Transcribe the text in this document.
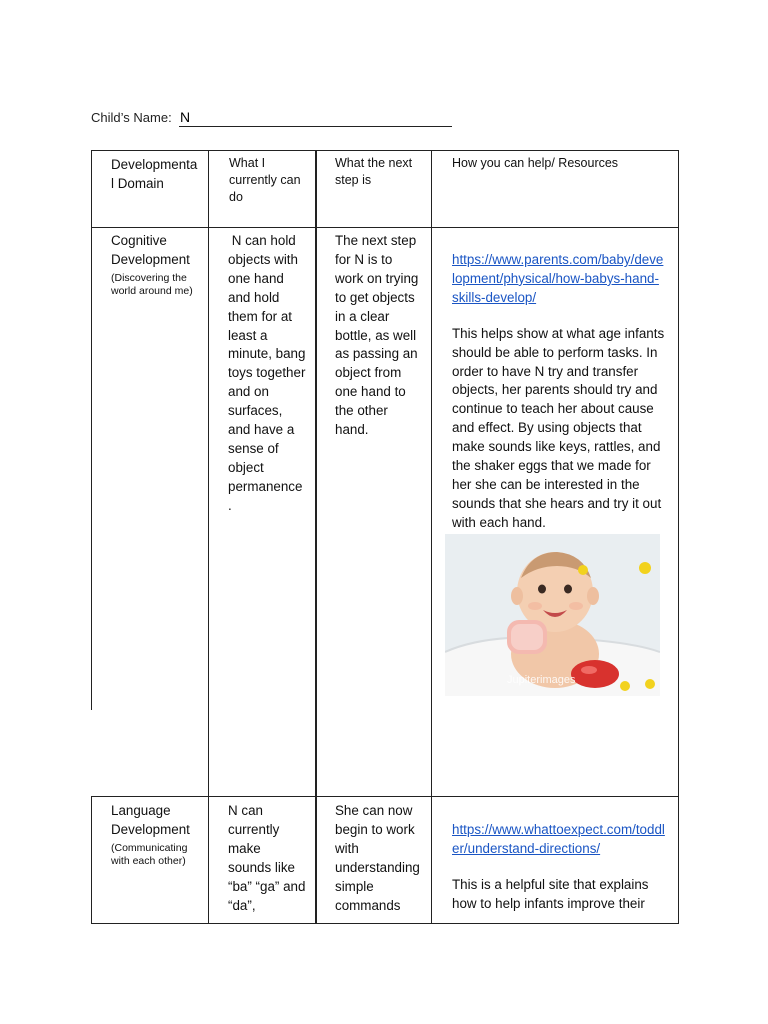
Child’s Name: N
Developmenta
l Domain
What I
currently can
do
What the next
step is
How you can help/ Resources
Cognitive
Development
(Discovering the
world around me)
N can hold
objects with
one hand
and hold
them for at
least a
minute, bang
toys together
and on
surfaces,
and have a
sense of
object
permanence
.
The next step
for N is to
work on trying
to get objects
in a clear
bottle, as well
as passing an
object from
one hand to
the other
hand.
https://www.parents.com/baby/deve
lopment/physical/how-babys-hand-
skills-develop/
This helps show at what age infants
should be able to perform tasks. In
order to have N try and transfer
objects, her parents should try and
continue to teach her about cause
and effect. By using objects that
make sounds like keys, rattles, and
the shaker eggs that we made for
her she can be interested in the
sounds that she hears and try it out
with each hand.
Jupiterimages
Language
Development
(Communicating
with each other)
N can
currently
make
sounds like
“ba” “ga” and
“da”,
She can now
begin to work
with
understanding
simple
commands
https://www.whattoexpect.com/toddl
er/understand-directions/
This is a helpful site that explains
how to help infants improve their
